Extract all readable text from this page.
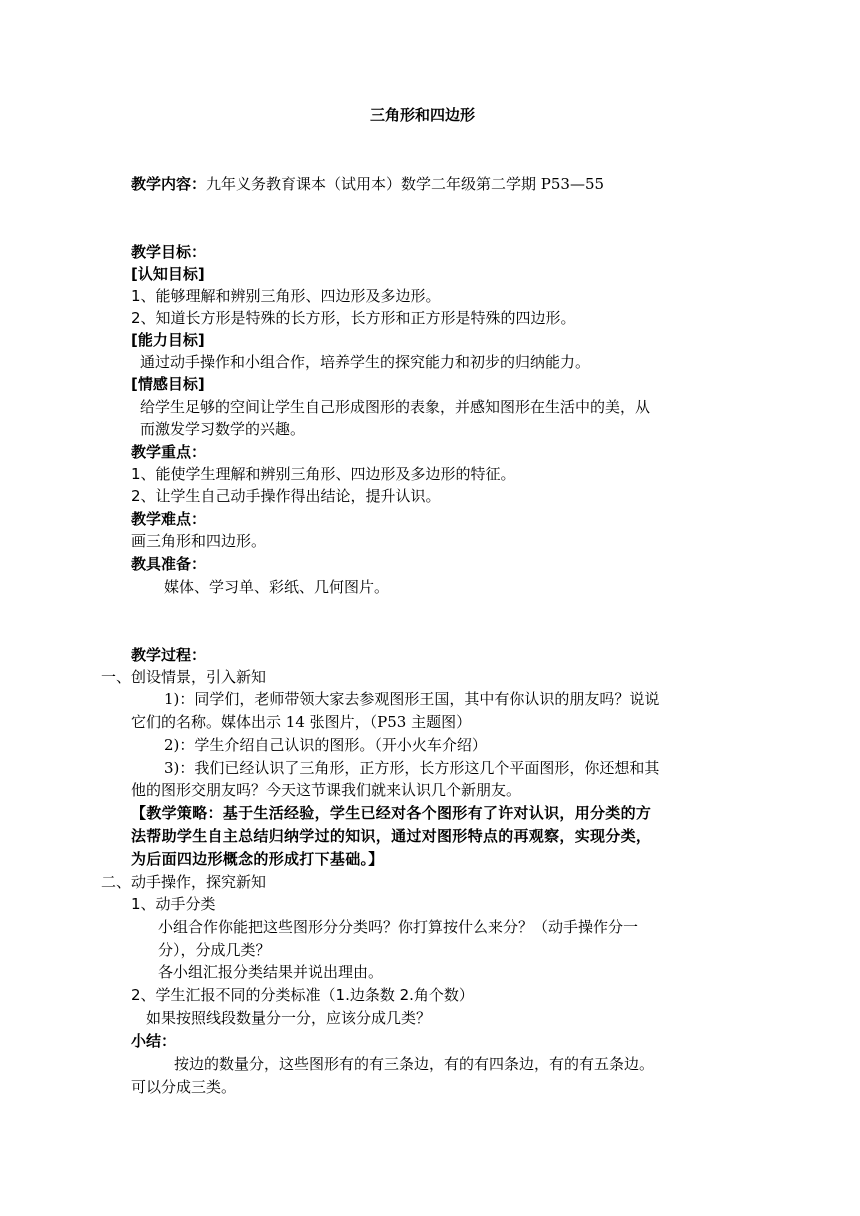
三角形和四边形
教学内容：九年义务教育课本（试用本）数学二年级第二学期 P53—55
教学目标：
[认知目标]
1、能够理解和辨别三角形、四边形及多边形。
2、知道长方形是特殊的长方形，长方形和正方形是特殊的四边形。
[能力目标]
通过动手操作和小组合作，培养学生的探究能力和初步的归纳能力。
[情感目标]
给学生足够的空间让学生自己形成图形的表象，并感知图形在生活中的美，从
而激发学习数学的兴趣。
教学重点：
1、能使学生理解和辨别三角形、四边形及多边形的特征。
2、让学生自己动手操作得出结论，提升认识。
教学难点：
画三角形和四边形。
教具准备：
媒体、学习单、彩纸、几何图片。
教学过程：
一、创设情景，引入新知
1)：同学们，老师带领大家去参观图形王国，其中有你认识的朋友吗？说说
它们的名称。媒体出示 14 张图片，（P53 主题图）
2)：学生介绍自己认识的图形。（开小火车介绍）
3)：我们已经认识了三角形，正方形，长方形这几个平面图形，你还想和其
他的图形交朋友吗？今天这节课我们就来认识几个新朋友。
【教学策略：基于生活经验，学生已经对各个图形有了许对认识，用分类的方
法帮助学生自主总结归纳学过的知识，通过对图形特点的再观察，实现分类，
为后面四边形概念的形成打下基础。】
二、动手操作，探究新知
1、动手分类
小组合作你能把这些图形分分类吗？你打算按什么来分？（动手操作分一
分），分成几类？
各小组汇报分类结果并说出理由。
2、学生汇报不同的分类标准（1.边条数 2.角个数）
如果按照线段数量分一分，应该分成几类？
小结：
按边的数量分，这些图形有的有三条边，有的有四条边，有的有五条边。
可以分成三类。
